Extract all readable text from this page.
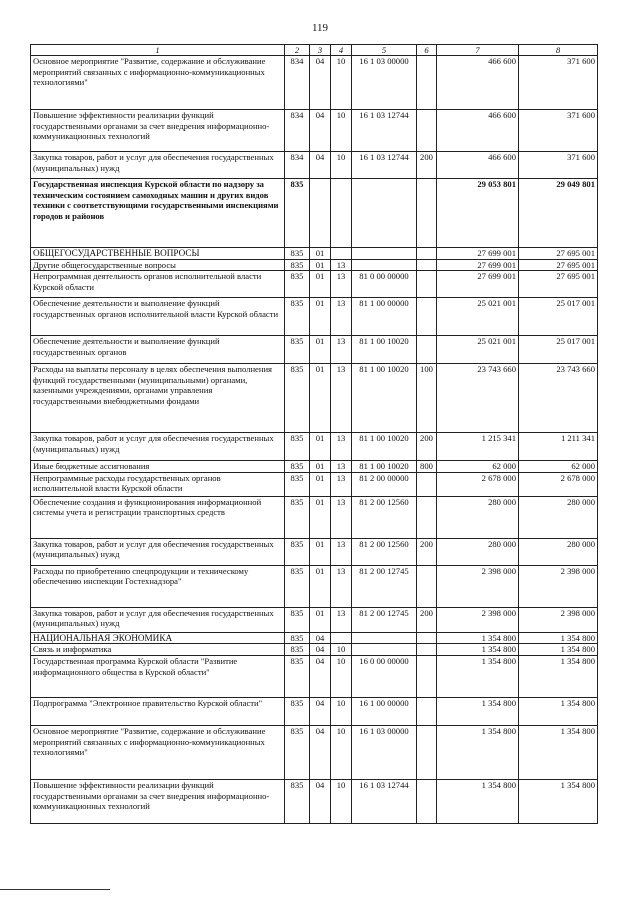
119
1	2	3	4	5	6	7	8
Основное мероприятие "Развитие, содержание и обслуживание мероприятий связанных с информационно-коммуникационных технологиями"	834	04	10	16 1 03 00000		466 600	371 600
Повышение эффективности реализации функций государственными органами за счет внедрения информационно-коммуникационных технологий	834	04	10	16 1 03 12744		466 600	371 600
Закупка товаров, работ и услуг для обеспечения государственных (муниципальных) нужд	834	04	10	16 1 03 12744	200	466 600	371 600
Государственная инспекция Курской области по надзору за техническим состоянием самоходных машин и других видов техники с соответствующими государственными инспекциями городов и районов	835					29 053 801	29 049 801
ОБЩЕГОСУДАРСТВЕННЫЕ ВОПРОСЫ	835	01				27 699 001	27 695 001
Другие общегосударственные вопросы	835	01	13			27 699 001	27 695 001
Непрограммная деятельность органов исполнительной власти Курской области	835	01	13	81 0 00 00000		27 699 001	27 695 001
Обеспечение деятельности и выполнение функций государственных органов исполнительной власти Курской области	835	01	13	81 1 00 00000		25 021 001	25 017 001
Обеспечение деятельности и выполнение функций государственных органов	835	01	13	81 1 00 10020		25 021 001	25 017 001
Расходы на выплаты персоналу в целях обеспечения выполнения функций государственными (муниципальными) органами, казенными учреждениями, органами управления государственными внебюджетными фондами	835	01	13	81 1 00 10020	100	23 743 660	23 743 660
Закупка товаров, работ и услуг для обеспечения государственных (муниципальных) нужд	835	01	13	81 1 00 10020	200	1 215 341	1 211 341
Иные бюджетные ассигнования	835	01	13	81 1 00 10020	800	62 000	62 000
Непрограммные расходы государственных органов исполнительной власти Курской области	835	01	13	81 2 00 00000		2 678 000	2 678 000
Обеспечение создания и функционирования информационной системы учета и регистрации транспортных средств	835	01	13	81 2 00 12560		280 000	280 000
Закупка товаров, работ и услуг для обеспечения государственных (муниципальных) нужд	835	01	13	81 2 00 12560	200	280 000	280 000
Расходы по приобретению спецпродукции и техническому обеспечению инспекции Гостехнадзора"	835	01	13	81 2 00 12745		2 398 000	2 398 000
Закупка товаров, работ и услуг для обеспечения государственных (муниципальных) нужд	835	01	13	81 2 00 12745	200	2 398 000	2 398 000
НАЦИОНАЛЬНАЯ ЭКОНОМИКА	835	04				1 354 800	1 354 800
Связь и информатика	835	04	10			1 354 800	1 354 800
Государственная программа Курской области "Развитие информационного общества в Курской области"	835	04	10	16 0 00 00000		1 354 800	1 354 800
Подпрограмма "Электронное правительство Курской области"	835	04	10	16 1 00 00000		1 354 800	1 354 800
Основное мероприятие "Развитие, содержание и обслуживание мероприятий связанных с информационно-коммуникационных технологиями"	835	04	10	16 1 03 00000		1 354 800	1 354 800
Повышение эффективности реализации функций государственными органами за счет внедрения информационно-коммуникационных технологий	835	04	10	16 1 03 12744		1 354 800	1 354 800
